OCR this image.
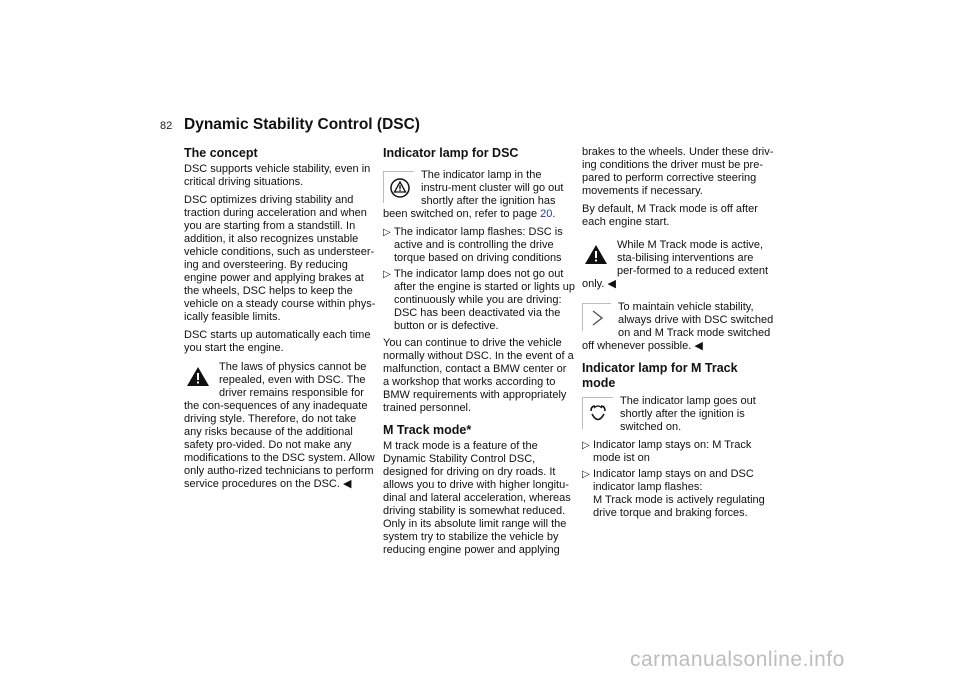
82 Dynamic Stability Control (DSC)
The concept

DSC supports vehicle stability, even in critical driving situations.

DSC optimizes driving stability and traction during acceleration and when you are starting from a standstill. In addition, it also recognizes unstable vehicle conditions, such as understeer-ing and oversteering. By reducing engine power and applying brakes at the wheels, DSC helps to keep the vehicle on a steady course within phys-ically feasible limits.

DSC starts up automatically each time you start the engine.

The laws of physics cannot be repealed, even with DSC. The driver remains responsible for the con-sequences of any inadequate driving style. Therefore, do not take any risks because of the additional safety pro-vided. Do not make any modifications to the DSC system. Allow only autho-rized technicians to perform service procedures on the DSC. ◀
Indicator lamp for DSC
The indicator lamp in the instru-ment cluster will go out shortly after the ignition has been switched on, refer to page 20.
▷ The indicator lamp flashes: DSC is active and is controlling the drive torque based on driving conditions
▷ The indicator lamp does not go out after the engine is started or lights up continuously while you are driving: DSC has been deactivated via the button or is defective.

You can continue to drive the vehicle normally without DSC. In the event of a malfunction, contact a BMW center or a workshop that works according to BMW requirements with appropriately trained personnel.

M Track mode*

M track mode is a feature of the Dynamic Stability Control DSC, designed for driving on dry roads. It allows you to drive with higher longitu-dinal and lateral acceleration, whereas driving stability is somewhat reduced. Only in its absolute limit range will the system try to stabilize the vehicle by reducing engine power and applying

brakes to the wheels. Under these driv-ing conditions the driver must be pre-pared to perform corrective steering movements if necessary.

By default, M Track mode is off after each engine start.

While M Track mode is active, sta-bilising interventions are per-formed to a reduced extent only. ◀
To maintain vehicle stability, always drive with DSC switched on and M Track mode switched off whenever possible. ◀
Indicator lamp for M Track mode
The indicator lamp goes out shortly after the ignition is switched on.
▷ Indicator lamp stays on: M Track mode ist on
▷ Indicator lamp stays on and DSC indicator lamp flashes:
M Track mode is actively regulating drive torque and braking forces.
carmanualsonline.info
